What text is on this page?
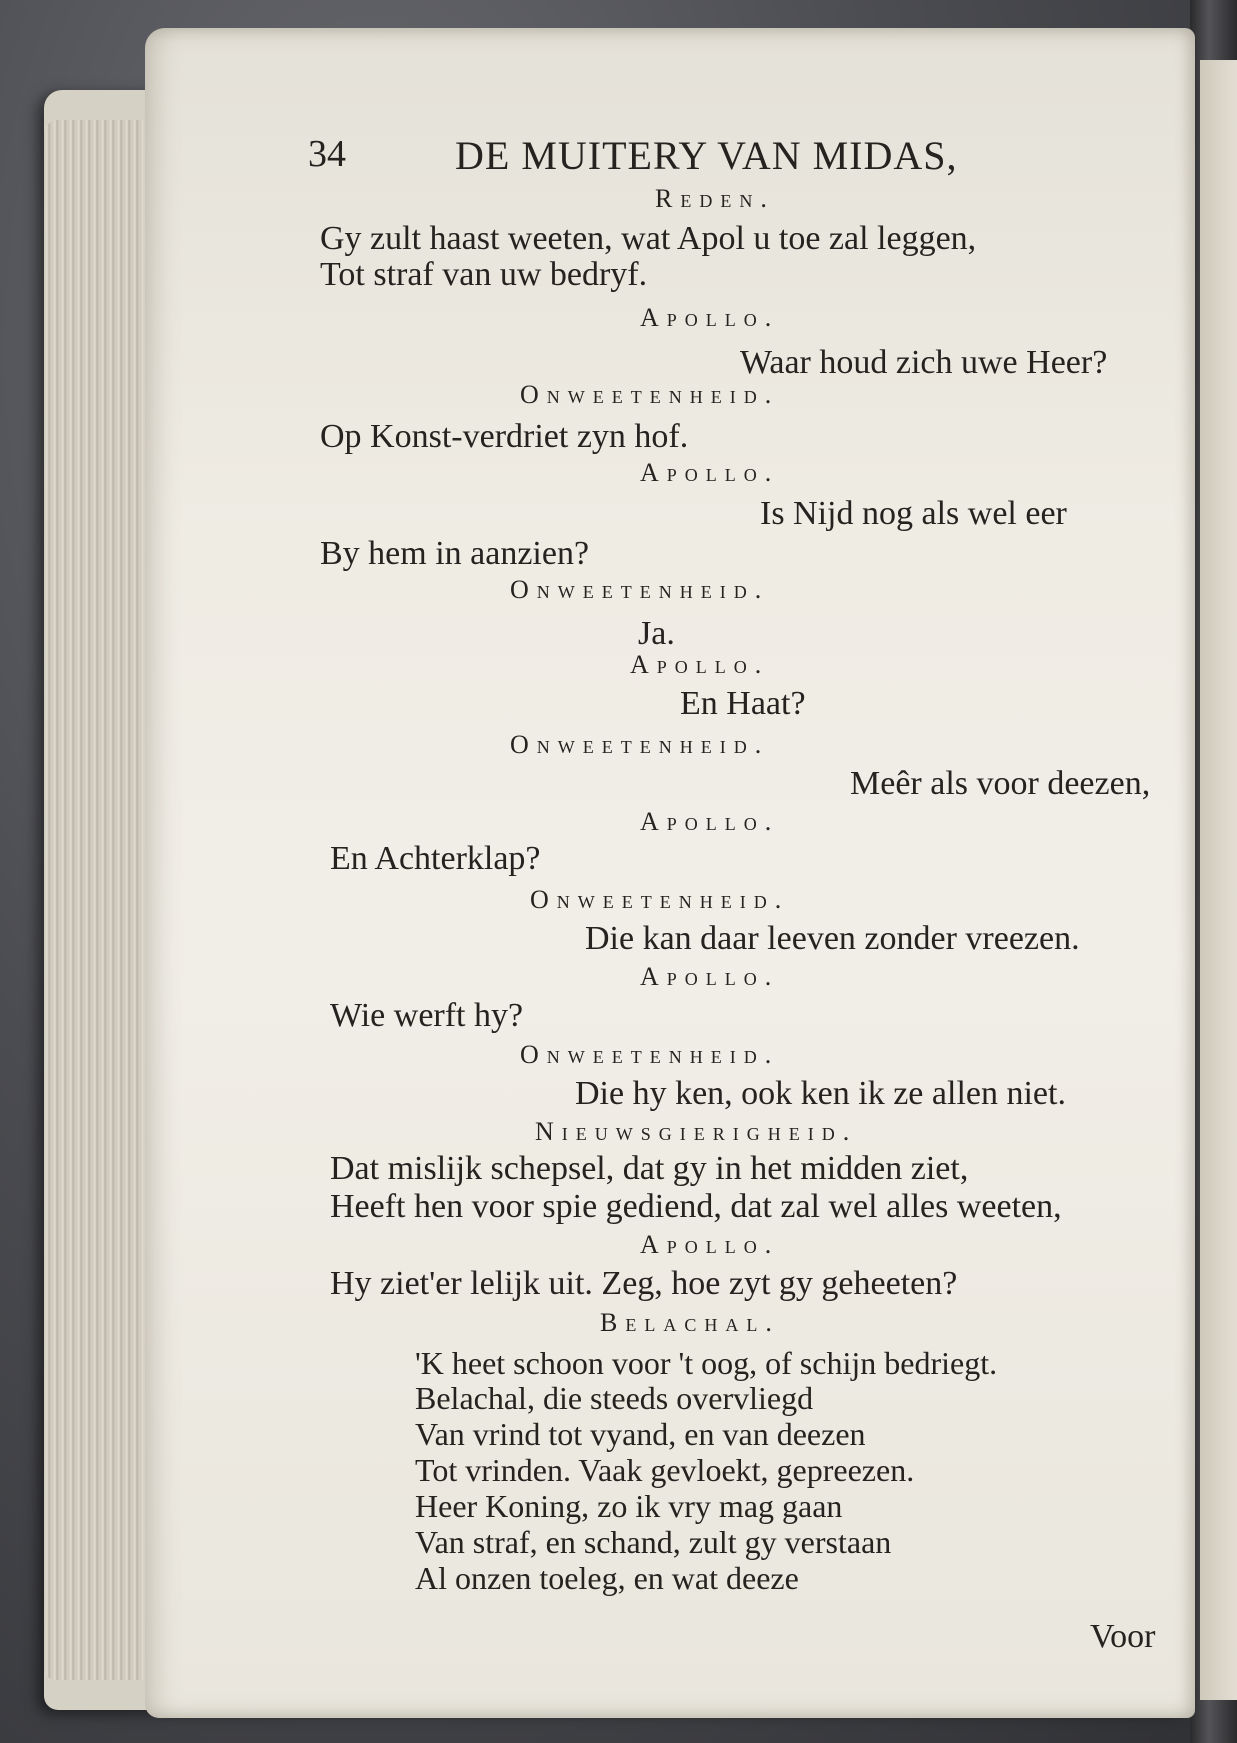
34	DE MUITERY VAN MIDAS,
Reden.
Gy zult haast weeten, wat Apol u toe zal leggen,
Tot straf van uw bedryf.
Apollo.
Waar houd zich uwe Heer?
Onweetenheid.
Op Konst-verdriet zyn hof.
Apollo.
Is Nijd nog als wel eer
By hem in aanzien?
Onweetenheid.
Ja.
Apollo.
En Haat?
Onweetenheid.
Meêr als voor deezen,
Apollo.
En Achterklap?
Onweetenheid.
Die kan daar leeven zonder vreezen.
Apollo.
Wie werft hy?
Onweetenheid.
Die hy ken, ook ken ik ze allen niet.
Nieuwsgierigheid.
Dat mislijk schepsel, dat gy in het midden ziet,
Heeft hen voor spie gediend, dat zal wel alles weeten,
Apollo.
Hy ziet'er lelijk uit. Zeg, hoe zyt gy geheeten?
Belachal.
'K heet schoon voor 't oog, of schijn bedriegt.
Belachal, die steeds overvliegd
Van vrind tot vyand, en van deezen
Tot vrinden. Vaak gevloekt, gepreezen.
Heer Koning, zo ik vry mag gaan
Van straf, en schand, zult gy verstaan
Al onzen toeleg, en wat deeze
Voor
